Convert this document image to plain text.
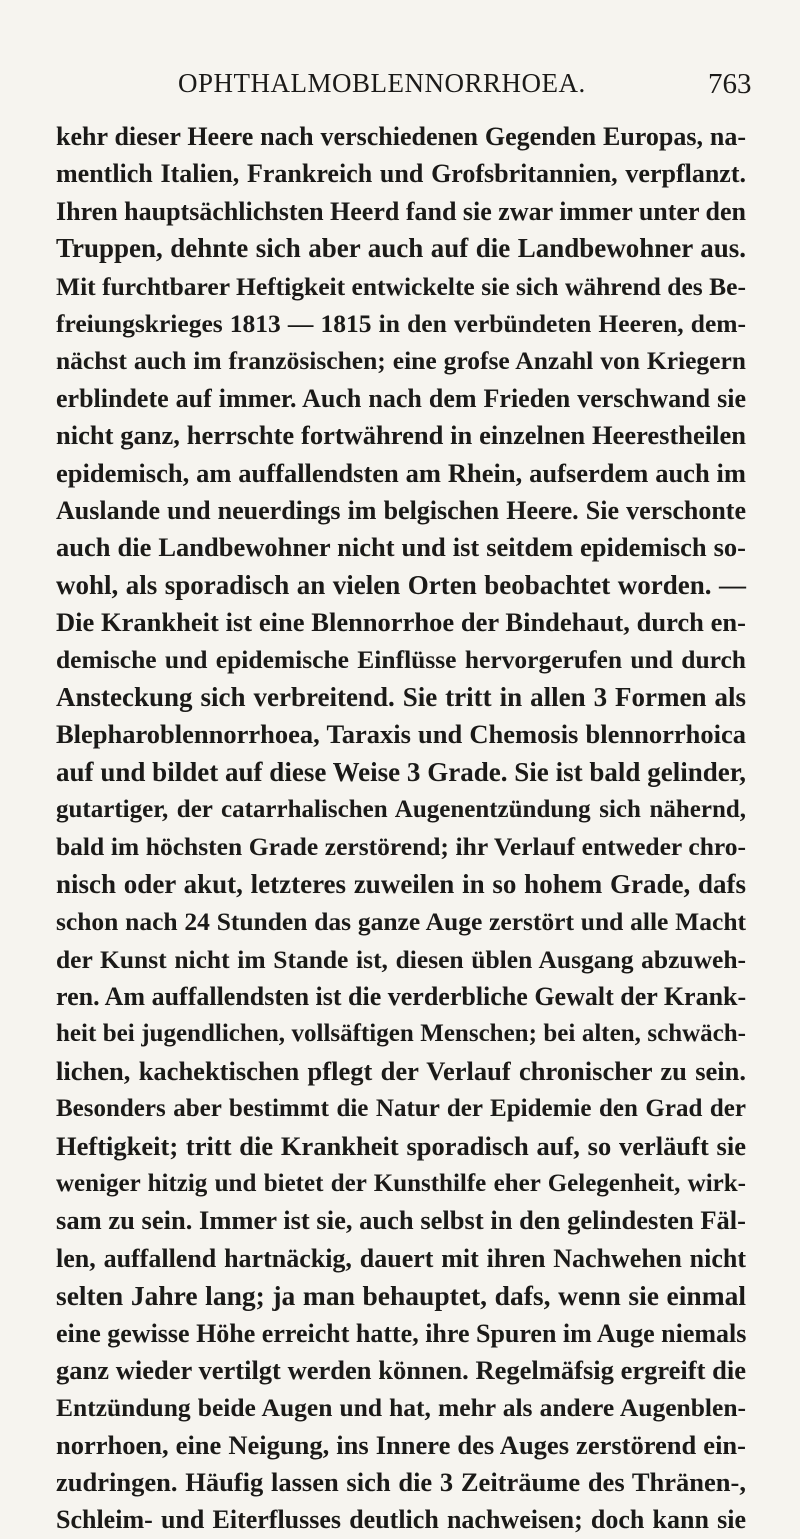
OPHTHALMOBLENNORRHOEA.	763
kehr dieser Heere nach verschiedenen Gegenden Europas, na-
mentlich Italien, Frankreich und Grofsbritannien, verpflanzt.
Ihren hauptsächlichsten Heerd fand sie zwar immer unter den
Truppen, dehnte sich aber auch auf die Landbewohner aus.
Mit furchtbarer Heftigkeit entwickelte sie sich während des Be-
freiungskrieges 1813 — 1815 in den verbündeten Heeren, dem-
nächst auch im französischen; eine grofse Anzahl von Kriegern
erblindete auf immer. Auch nach dem Frieden verschwand sie
nicht ganz, herrschte fortwährend in einzelnen Heerestheilen
epidemisch, am auffallendsten am Rhein, aufserdem auch im
Auslande und neuerdings im belgischen Heere. Sie verschonte
auch die Landbewohner nicht und ist seitdem epidemisch so-
wohl, als sporadisch an vielen Orten beobachtet worden. —
Die Krankheit ist eine Blennorrhoe der Bindehaut, durch en-
demische und epidemische Einflüsse hervorgerufen und durch
Ansteckung sich verbreitend. Sie tritt in allen 3 Formen als
Blepharoblennorrhoea, Taraxis und Chemosis blennorrhoica
auf und bildet auf diese Weise 3 Grade. Sie ist bald gelinder,
gutartiger, der catarrhalischen Augenentzündung sich nähernd,
bald im höchsten Grade zerstörend; ihr Verlauf entweder chro-
nisch oder akut, letzteres zuweilen in so hohem Grade, dafs
schon nach 24 Stunden das ganze Auge zerstört und alle Macht
der Kunst nicht im Stande ist, diesen üblen Ausgang abzuweh-
ren. Am auffallendsten ist die verderbliche Gewalt der Krank-
heit bei jugendlichen, vollsäftigen Menschen; bei alten, schwäch-
lichen, kachektischen pflegt der Verlauf chronischer zu sein.
Besonders aber bestimmt die Natur der Epidemie den Grad der
Heftigkeit; tritt die Krankheit sporadisch auf, so verläuft sie
weniger hitzig und bietet der Kunsthilfe eher Gelegenheit, wirk-
sam zu sein. Immer ist sie, auch selbst in den gelindesten Fäl-
len, auffallend hartnäckig, dauert mit ihren Nachwehen nicht
selten Jahre lang; ja man behauptet, dafs, wenn sie einmal
eine gewisse Höhe erreicht hatte, ihre Spuren im Auge niemals
ganz wieder vertilgt werden können. Regelmäfsig ergreift die
Entzündung beide Augen und hat, mehr als andere Augenblen-
norrhoen, eine Neigung, ins Innere des Auges zerstörend ein-
zudringen. Häufig lassen sich die 3 Zeiträume des Thränen-,
Schleim- und Eiterflusses deutlich nachweisen; doch kann sie
